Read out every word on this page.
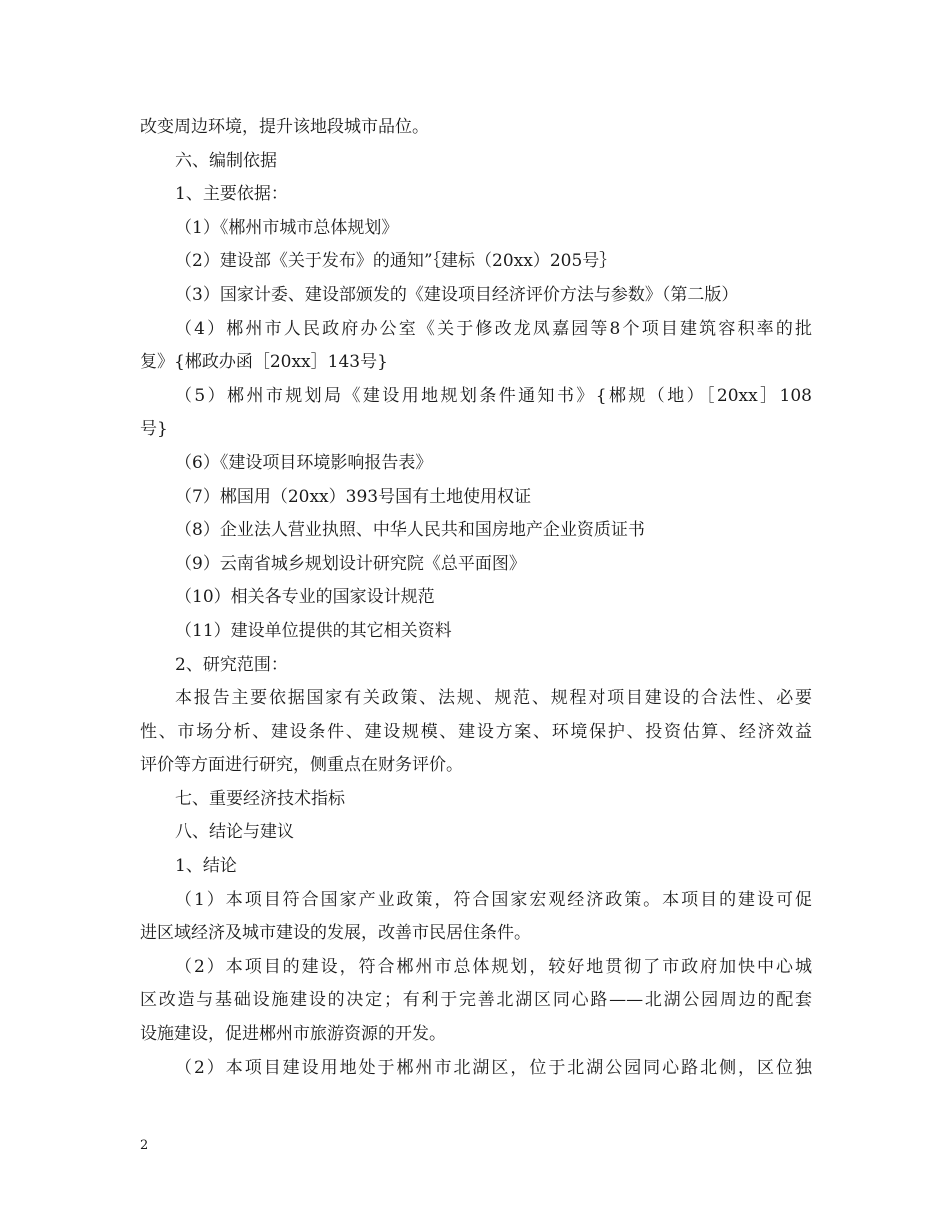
改变周边环境，提升该地段城市品位。
六、编制依据
1、主要依据：
（1）《郴州市城市总体规划》
（2）建设部《关于发布》的通知”｛建标（20xx）205号｝
（3）国家计委、建设部颁发的《建设项目经济评价方法与参数》（第二版）
（4）郴州市人民政府办公室《关于修改龙凤嘉园等8个项目建筑容积率的批
复》{郴政办函［20xx］143号}
（5）郴州市规划局《建设用地规划条件通知书》{郴规（地）［20xx］108
号}
（6）《建设项目环境影响报告表》
（7）郴国用（20xx）393号国有土地使用权证
（8）企业法人营业执照、中华人民共和国房地产企业资质证书
（9）云南省城乡规划设计研究院《总平面图》
（10）相关各专业的国家设计规范
（11）建设单位提供的其它相关资料
2、研究范围：
本报告主要依据国家有关政策、法规、规范、规程对项目建设的合法性、必要
性、市场分析、建设条件、建设规模、建设方案、环境保护、投资估算、经济效益
评价等方面进行研究，侧重点在财务评价。
七、重要经济技术指标
八、结论与建议
1、结论
（1）本项目符合国家产业政策，符合国家宏观经济政策。本项目的建设可促
进区域经济及城市建设的发展，改善市民居住条件。
（2）本项目的建设，符合郴州市总体规划，较好地贯彻了市政府加快中心城
区改造与基础设施建设的决定；有利于完善北湖区同心路——北湖公园周边的配套
设施建设，促进郴州市旅游资源的开发。
（2）本项目建设用地处于郴州市北湖区，位于北湖公园同心路北侧，区位独
2
